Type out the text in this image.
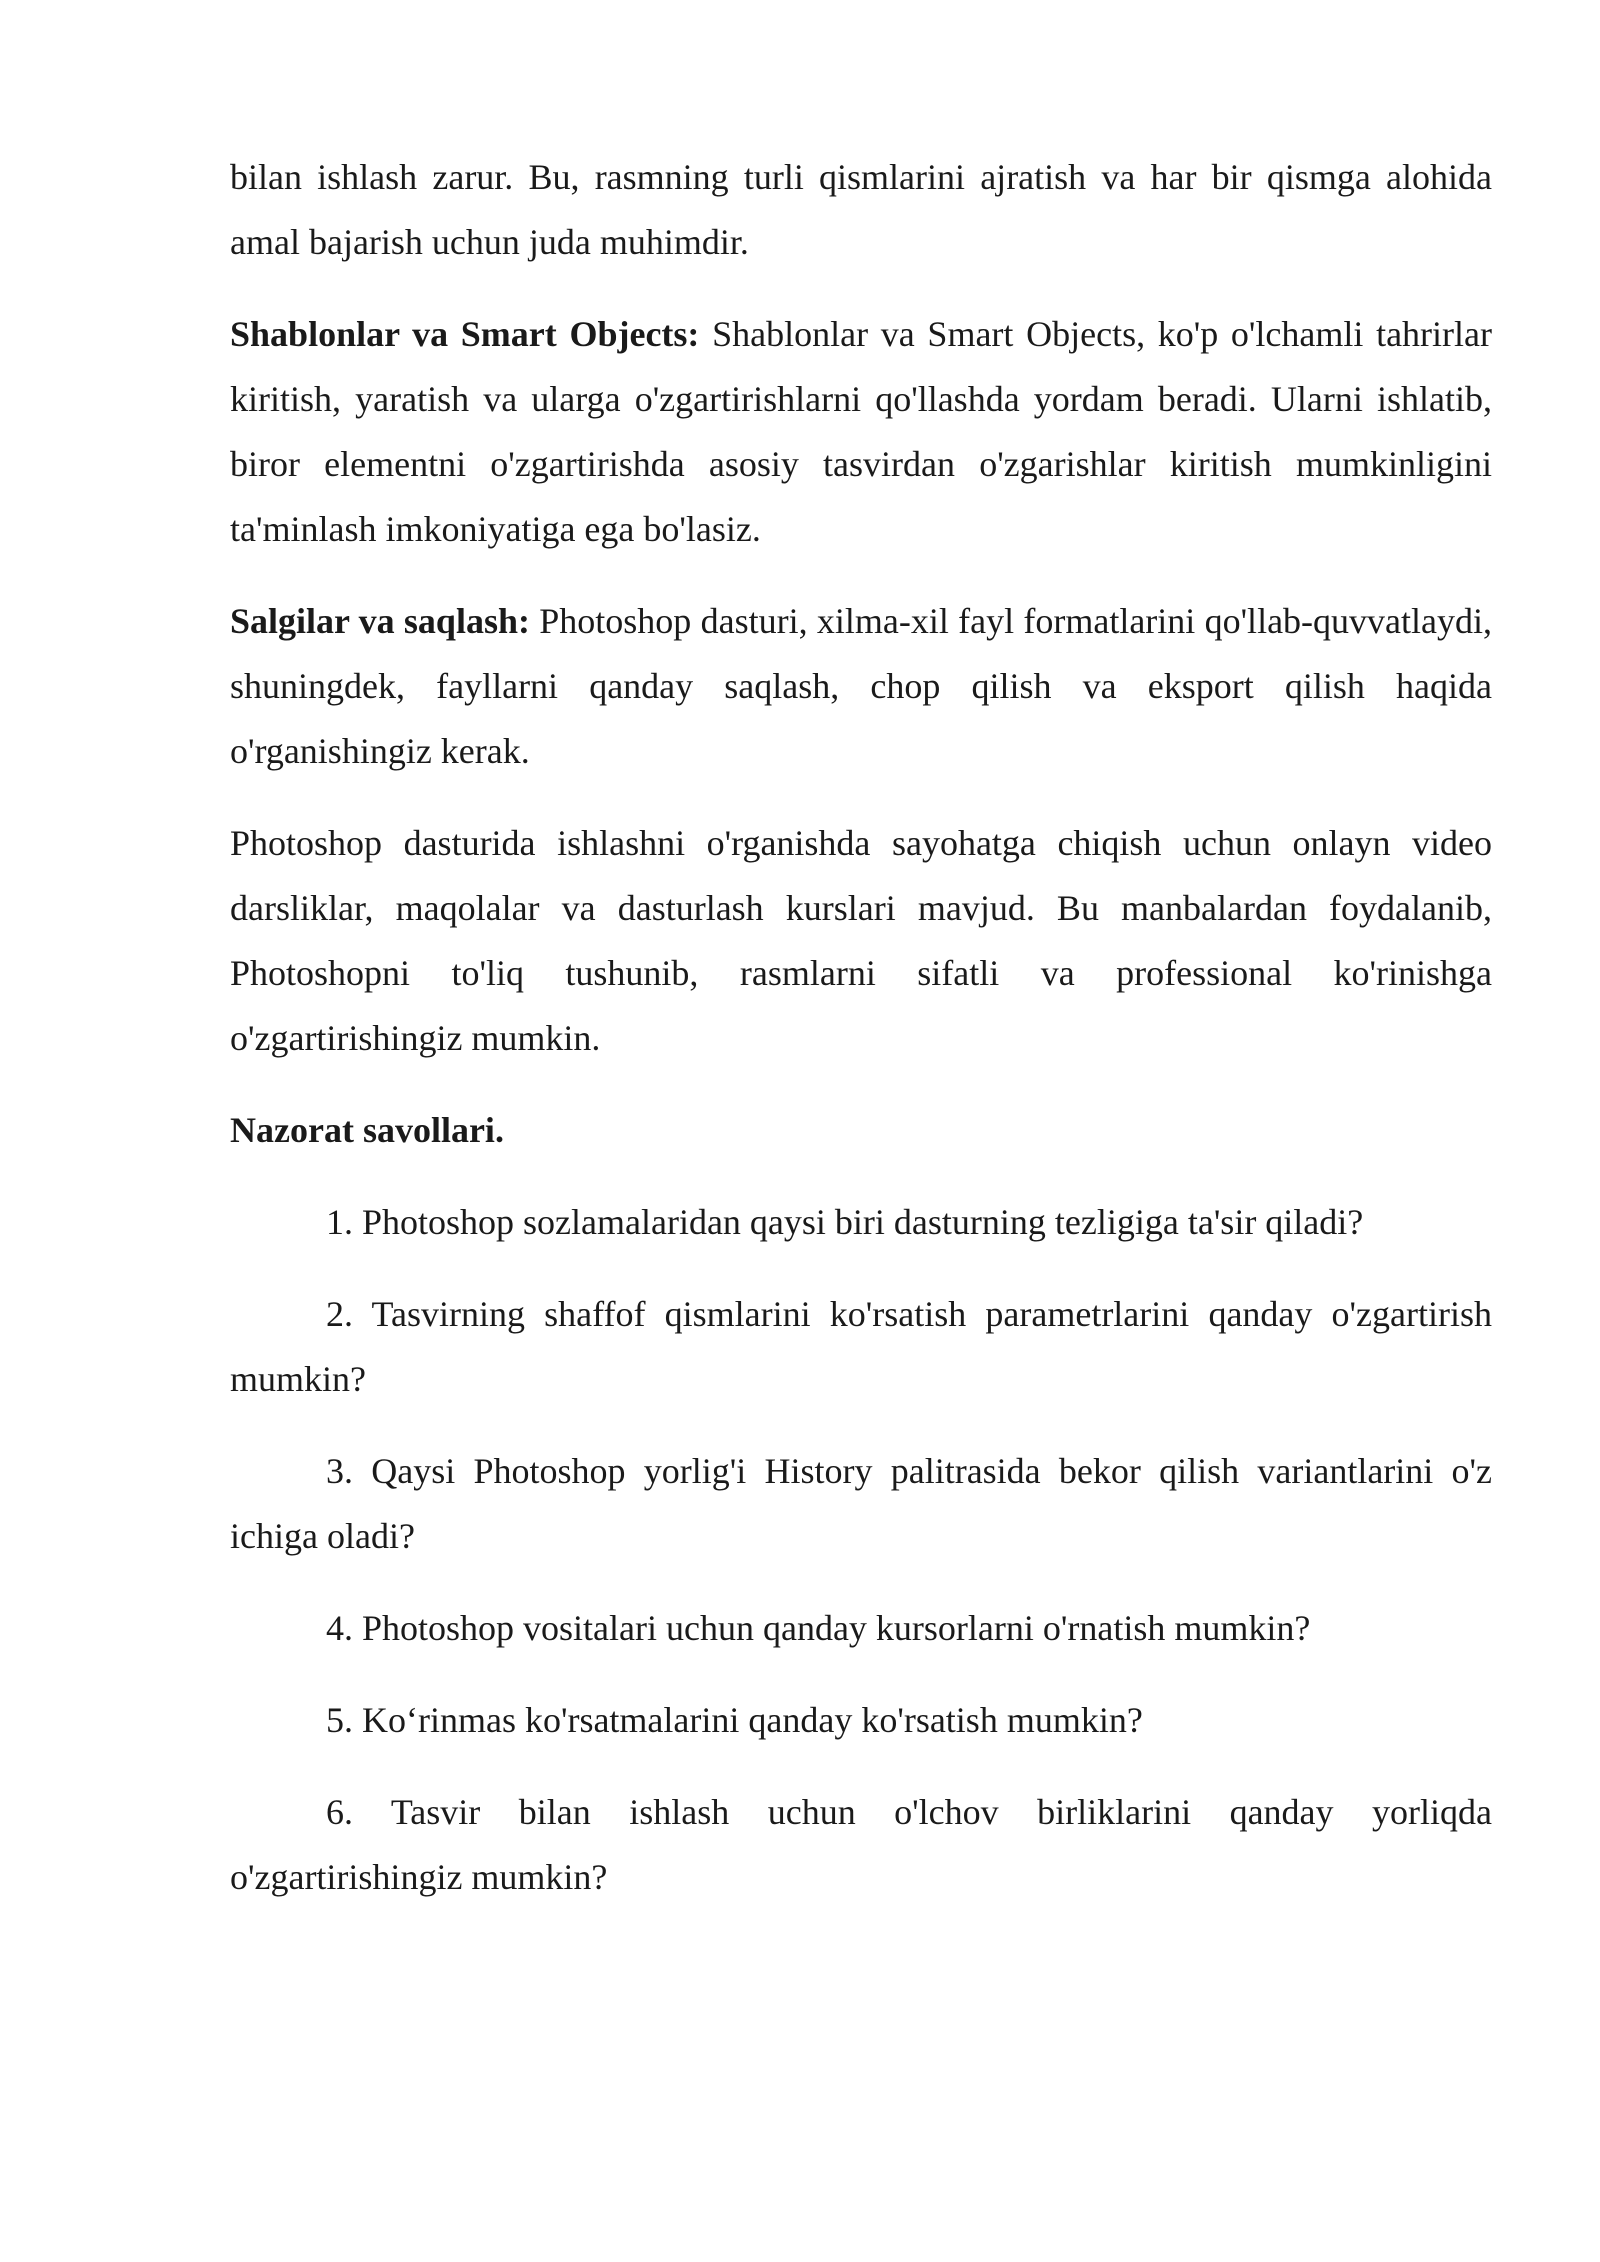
bilan ishlash zarur. Bu, rasmning turli qismlarini ajratish va har bir qismga alohida amal bajarish uchun juda muhimdir.

Shablonlar va Smart Objects: Shablonlar va Smart Objects, ko'p o'lchamli tahrirlar kiritish, yaratish va ularga o'zgartirishlarni qo'llashda yordam beradi. Ularni ishlatib, biror elementni o'zgartirishda asosiy tasvirdan o'zgarishlar kiritish mumkinligini ta'minlash imkoniyatiga ega bo'lasiz.

Salgilar va saqlash: Photoshop dasturi, xilma-xil fayl formatlarini qo'llab-quvvatlaydi, shuningdek, fayllarni qanday saqlash, chop qilish va eksport qilish haqida o'rganishingiz kerak.

Photoshop dasturida ishlashni o'rganishda sayohatga chiqish uchun onlayn video darsliklar, maqolalar va dasturlash kurslari mavjud. Bu manbalardan foydalanib, Photoshopni to'liq tushunib, rasmlarni sifatli va professional ko'rinishga o'zgartirishingiz mumkin.

Nazorat savollari.

1. Photoshop sozlamalaridan qaysi biri dasturning tezligiga ta'sir qiladi?

2. Tasvirning shaffof qismlarini ko'rsatish parametrlarini qanday o'zgartirish mumkin?

3. Qaysi Photoshop yorlig'i History palitrasida bekor qilish variantlarini o'z ichiga oladi?

4. Photoshop vositalari uchun qanday kursorlarni o'rnatish mumkin?

5. Ko‘rinmas ko'rsatmalarini qanday ko'rsatish mumkin?

6. Tasvir bilan ishlash uchun o'lchov birliklarini qanday yorliqda o'zgartirishingiz mumkin?
